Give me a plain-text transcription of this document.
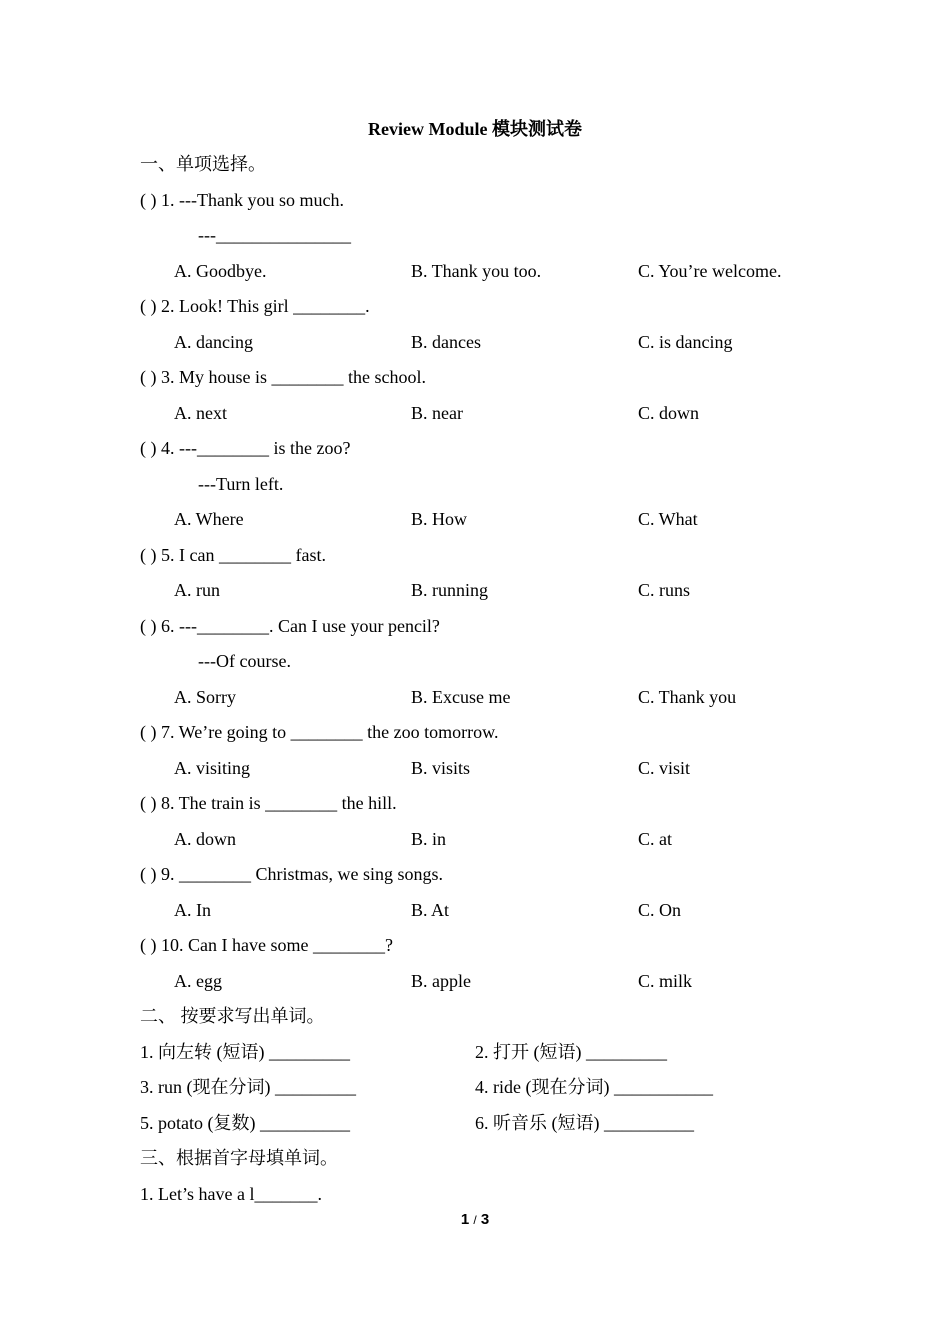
Review Module 模块测试卷
一、单项选择。
( ) 1. ---Thank you so much.
---_______________
A. Goodbye.	B. Thank you too.	C. You’re welcome.
( ) 2. Look! This girl ________.
A. dancing	B. dances	C. is dancing
( ) 3. My house is ________ the school.
A. next	B. near	C. down
( ) 4. ---________ is the zoo?
---Turn left.
A. Where	B. How	C. What
( ) 5. I can ________ fast.
A. run	B. running	C. runs
( ) 6. ---________. Can I use your pencil?
---Of course.
A. Sorry	B. Excuse me	C. Thank you
( ) 7. We’re going to ________ the zoo tomorrow.
A. visiting	B. visits	C. visit
( ) 8. The train is ________ the hill.
A. down	B. in	C. at
( ) 9. ________ Christmas, we sing songs.
A. In	B. At	C. On
( ) 10. Can I have some ________?
A. egg	B. apple	C. milk
二、 按要求写出单词。
1. 向左转 (短语) _________	2. 打开 (短语) _________
3. run (现在分词) _________	4. ride (现在分词) ___________
5. potato (复数) __________	6. 听音乐 (短语) __________
三、根据首字母填单词。
1. Let’s have a l_______.
1 / 3
